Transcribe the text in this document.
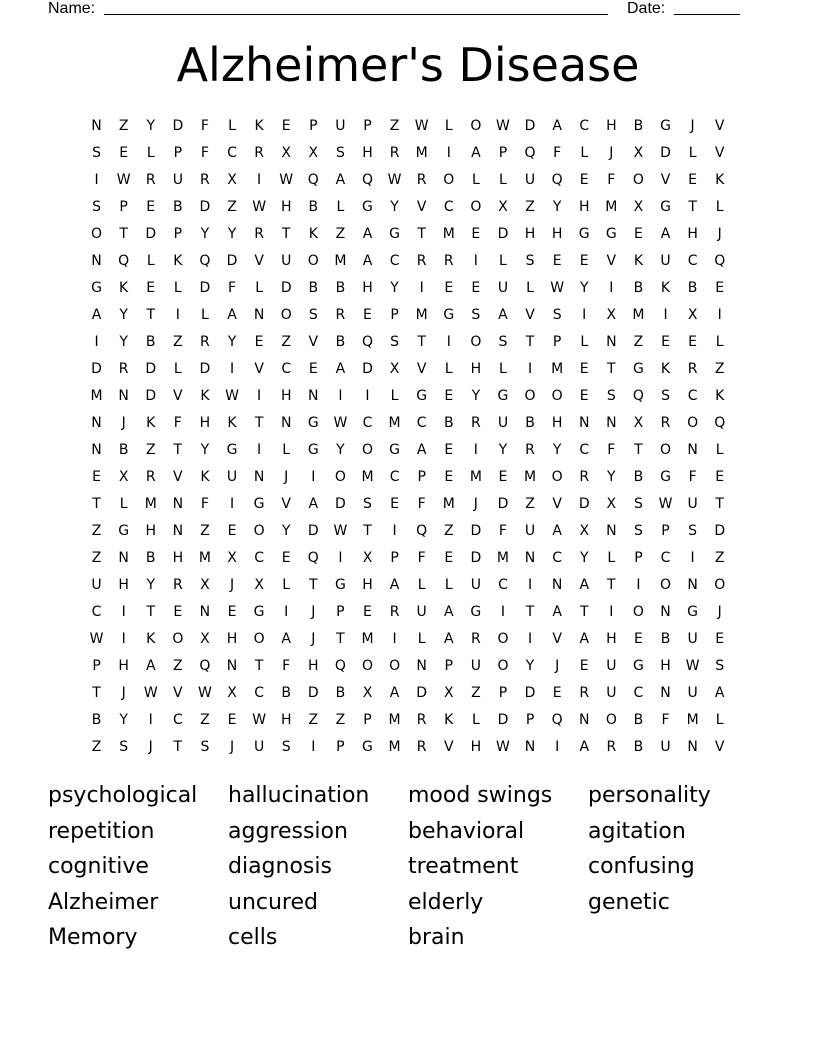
Name:	Date:
Alzheimer's Disease
N	Z	Y	D	F	L	K	E	P	U	P	Z	W	L	O	W	D	A	C	H	B	G	J	V
S	E	L	P	F	C	R	X	X	S	H	R	M	I	A	P	Q	F	L	J	X	D	L	V
I	W	R	U	R	X	I	W	Q	A	Q	W	R	O	L	L	U	Q	E	F	O	V	E	K
S	P	E	B	D	Z	W	H	B	L	G	Y	V	C	O	X	Z	Y	H	M	X	G	T	L
O	T	D	P	Y	Y	R	T	K	Z	A	G	T	M	E	D	H	H	G	G	E	A	H	J
N	Q	L	K	Q	D	V	U	O	M	A	C	R	R	I	L	S	E	E	V	K	U	C	Q
G	K	E	L	D	F	L	D	B	B	H	Y	I	E	E	U	L	W	Y	I	B	K	B	E
A	Y	T	I	L	A	N	O	S	R	E	P	M	G	S	A	V	S	I	X	M	I	X	I
I	Y	B	Z	R	Y	E	Z	V	B	Q	S	T	I	O	S	T	P	L	N	Z	E	E	L
D	R	D	L	D	I	V	C	E	A	D	X	V	L	H	L	I	M	E	T	G	K	R	Z
M	N	D	V	K	W	I	H	N	I	I	L	G	E	Y	G	O	O	E	S	Q	S	C	K
N	J	K	F	H	K	T	N	G	W	C	M	C	B	R	U	B	H	N	N	X	R	O	Q
N	B	Z	T	Y	G	I	L	G	Y	O	G	A	E	I	Y	R	Y	C	F	T	O	N	L
E	X	R	V	K	U	N	J	I	O	M	C	P	E	M	E	M	O	R	Y	B	G	F	E
T	L	M	N	F	I	G	V	A	D	S	E	F	M	J	D	Z	V	D	X	S	W	U	T
Z	G	H	N	Z	E	O	Y	D	W	T	I	Q	Z	D	F	U	A	X	N	S	P	S	D
Z	N	B	H	M	X	C	E	Q	I	X	P	F	E	D	M	N	C	Y	L	P	C	I	Z
U	H	Y	R	X	J	X	L	T	G	H	A	L	L	U	C	I	N	A	T	I	O	N	O
C	I	T	E	N	E	G	I	J	P	E	R	U	A	G	I	T	A	T	I	O	N	G	J
W	I	K	O	X	H	O	A	J	T	M	I	L	A	R	O	I	V	A	H	E	B	U	E
P	H	A	Z	Q	N	T	F	H	Q	O	O	N	P	U	O	Y	J	E	U	G	H	W	S
T	J	W	V	W	X	C	B	D	B	X	A	D	X	Z	P	D	E	R	U	C	N	U	A
B	Y	I	C	Z	E	W	H	Z	Z	P	M	R	K	L	D	P	Q	N	O	B	F	M	L
Z	S	J	T	S	J	U	S	I	P	G	M	R	V	H	W	N	I	A	R	B	U	N	V
psychological	hallucination	mood swings	personality
repetition	aggression	behavioral	agitation
cognitive	diagnosis	treatment	confusing
Alzheimer	uncured	elderly	genetic
Memory	cells	brain
